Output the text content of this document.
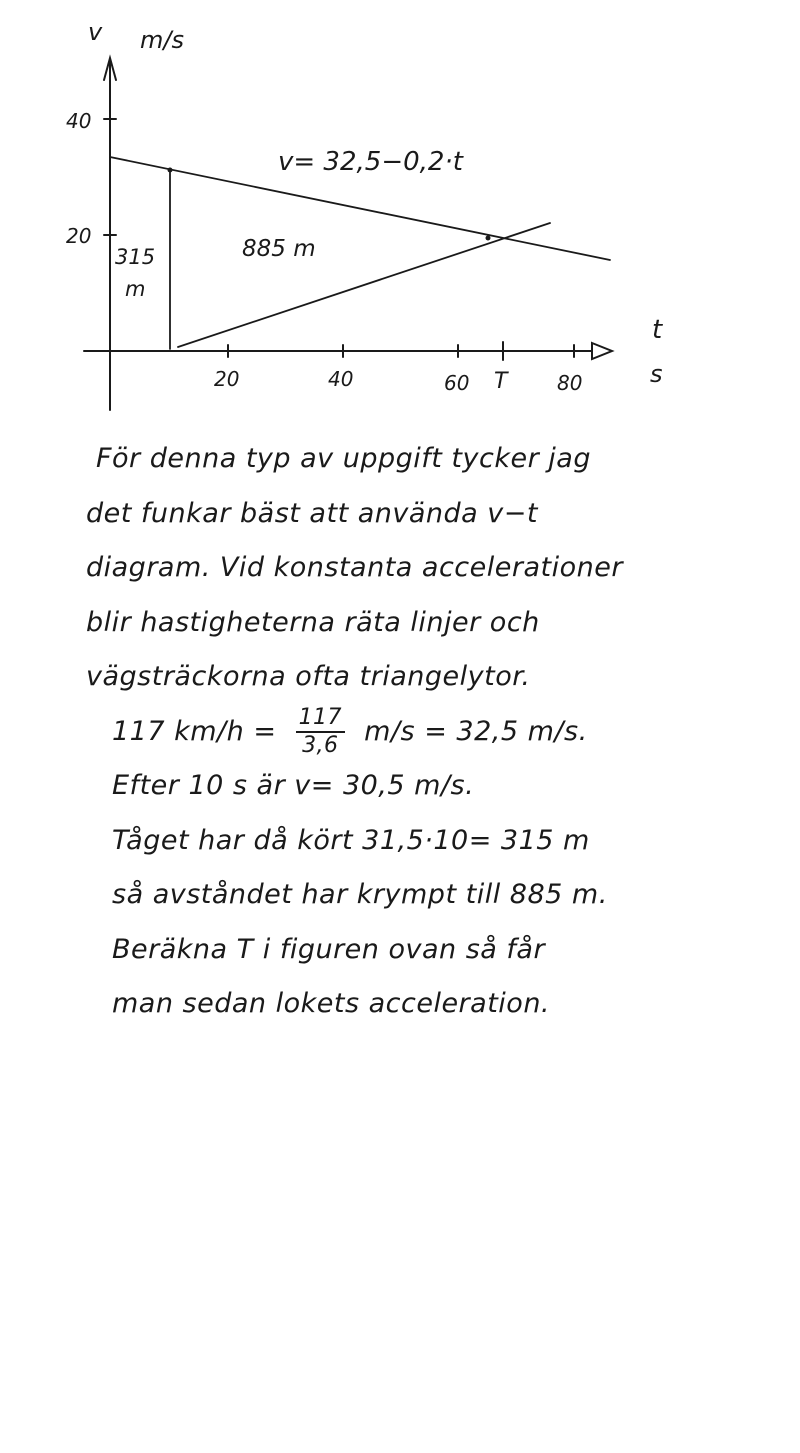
v m/s
t
s
40
20
20	40	60 T 80
v= 32,5−0,2·t
315
m
885 m
För denna typ av uppgift tycker jag
det funkar bäst att använda v−t
diagram. Vid konstanta accelerationer
blir hastigheterna räta linjer och
vägsträckorna ofta triangelytor.
117 $km/h = \frac{117}{3,6} m/s = 32,5$ m/s.
Efter 10 s är v= 30,5 m/s.
Tåget har då kört 31,5·10= 315 m
så avståndet har krympt till 885 m.
Beräkna T i figuren ovan så får
man sedan lokets acceleration.
